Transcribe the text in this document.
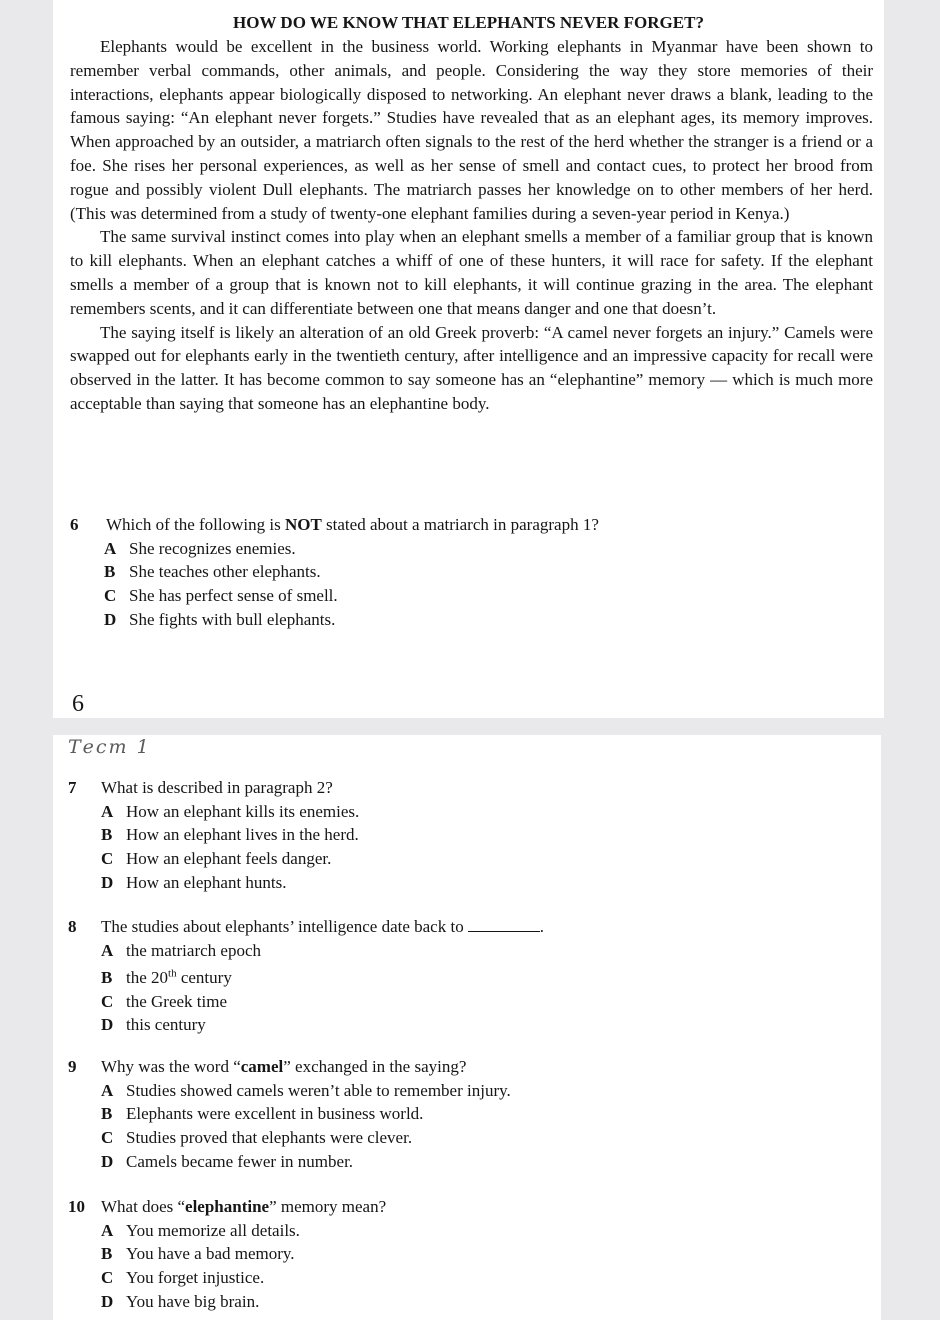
HOW DO WE KNOW THAT ELEPHANTS NEVER FORGET?

Elephants would be excellent in the business world. Working elephants in Myanmar have been shown to remember verbal commands, other animals, and people. Considering the way they store memories of their interactions, elephants appear biologically disposed to networking. An elephant never draws a blank, leading to the famous saying: “An elephant never forgets.” Studies have revealed that as an elephant ages, its memory improves. When approached by an outsider, a matriarch often signals to the rest of the herd whether the stranger is a friend or a foe. She rises her personal experiences, as well as her sense of smell and contact cues, to protect her brood from rogue and possibly violent Dull elephants. The matriarch passes her knowledge on to other members of her herd. (This was determined from a study of twenty-one elephant families during a seven-year period in Kenya.)

The same survival instinct comes into play when an elephant smells a member of a familiar group that is known to kill elephants. When an elephant catches a whiff of one of these hunters, it will race for safety. If the elephant smells a member of a group that is known not to kill elephants, it will continue grazing in the area. The elephant remembers scents, and it can differentiate between one that means danger and one that doesn’t.

The saying itself is likely an alteration of an old Greek proverb: “A camel never forgets an injury.” Camels were swapped out for elephants early in the twentieth century, after intelligence and an impressive capacity for recall were observed in the latter. It has become common to say someone has an “elephantine” memory — which is much more acceptable than saying that someone has an elephantine body.

6	Which of the following is NOT stated about a matriarch in paragraph 1?
A She recognizes enemies.
B She teaches other elephants.
C She has perfect sense of smell.
D She fights with bull elephants.
6
Тест 1
7	What is described in paragraph 2?
A How an elephant kills its enemies.
B How an elephant lives in the herd.
C How an elephant feels danger.
D How an elephant hunts.
8	The studies about elephants’ intelligence date back to	.
A the matriarch epoch
B the 20th century
C the Greek time
D this century
9	Why was the word “camel” exchanged in the saying?
A Studies showed camels weren’t able to remember injury.
B Elephants were excellent in business world.
C Studies proved that elephants were clever.
D Camels became fewer in number.
10 What does “elephantine” memory mean?
A You memorize all details.
B You have a bad memory.
C You forget injustice.
D You have big brain.
